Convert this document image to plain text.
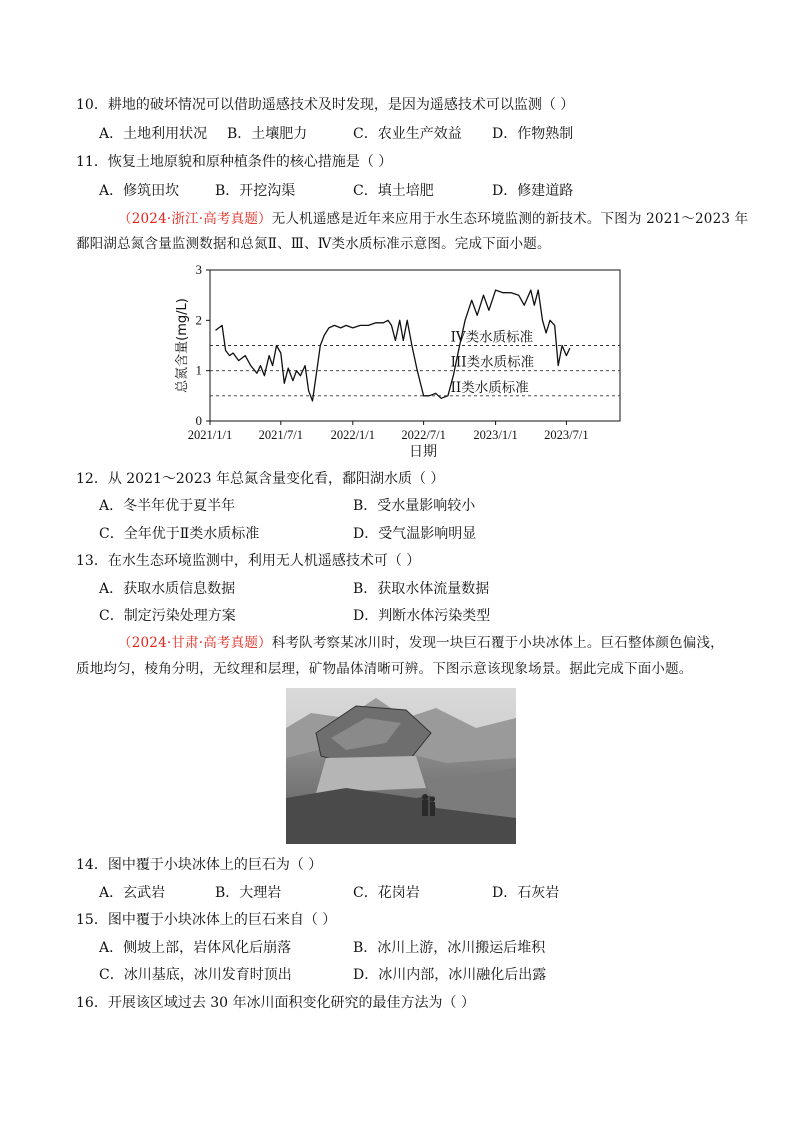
10．耕地的破坏情况可以借助遥感技术及时发现，是因为遥感技术可以监测（ ）
A．土地利用状况 B．土壤肥力	C．农业生产效益 D．作物熟制
11．恢复土地原貌和原种植条件的核心措施是（ ）
A．修筑田坎	B．开挖沟渠	C．填土培肥	D．修建道路
（2024·浙江·高考真题）无人机遥感是近年来应用于水生态环境监测的新技术。下图为 2021～2023 年
鄱阳湖总氮含量监测数据和总氮Ⅱ、Ⅲ、Ⅳ类水质标准示意图。完成下面小题。
0
1
2
3
2021/1/1 2021/7/1 2022/1/1 2022/7/1 2023/1/1 2023/7/1
日期
总氮含量(mg/L)	IV类水质标准
III类水质标准
II类水质标准
12．从 2021～2023 年总氮含量变化看，鄱阳湖水质（ ）
A．冬半年优于夏半年	B．受水量影响较小
C．全年优于Ⅱ类水质标准	D．受气温影响明显
13．在水生态环境监测中，利用无人机遥感技术可（ ）
A．获取水质信息数据	B．获取水体流量数据
C．制定污染处理方案	D．判断水体污染类型
（2024·甘肃·高考真题）科考队考察某冰川时，发现一块巨石覆于小块冰体上。巨石整体颜色偏浅，
质地均匀，棱角分明，无纹理和层理，矿物晶体清晰可辨。下图示意该现象场景。据此完成下面小题。
14．图中覆于小块冰体上的巨石为（ ）
A．玄武岩	B．大理岩	C．花岗岩	D．石灰岩
15．图中覆于小块冰体上的巨石来自（ ）
A．侧坡上部，岩体风化后崩落	B．冰川上游，冰川搬运后堆积
C．冰川基底，冰川发育时顶出	D．冰川内部，冰川融化后出露
16．开展该区域过去 30 年冰川面积变化研究的最佳方法为（ ）
